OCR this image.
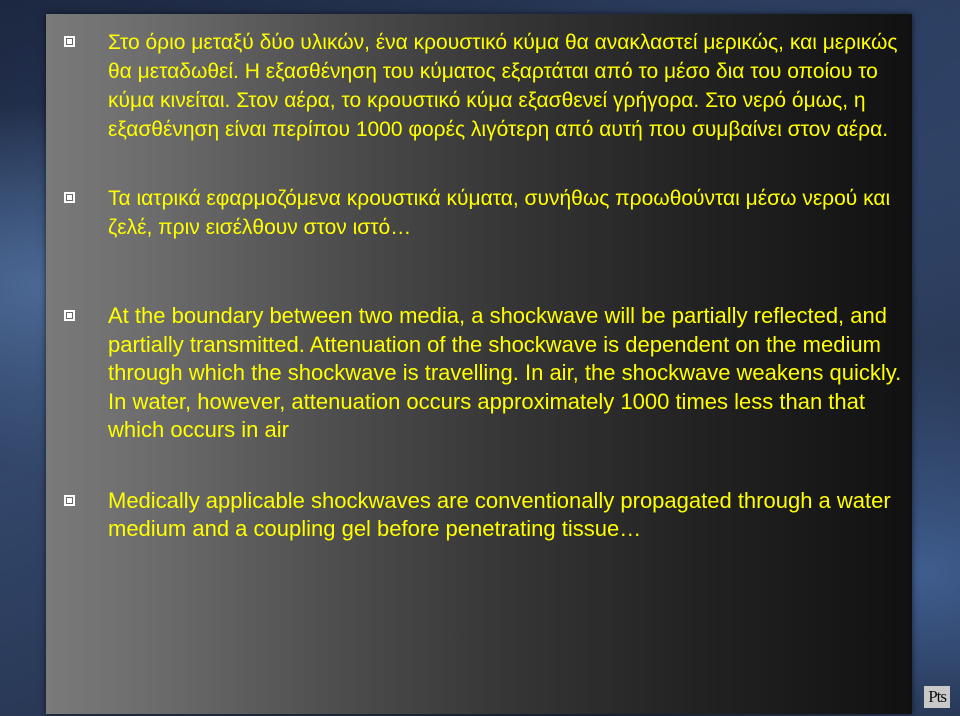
Στο όριο μεταξύ δύο υλικών, ένα κρουστικό κύμα θα ανακλαστεί μερικώς, και μερικώς θα μεταδωθεί. Η εξασθένηση του κύματος εξαρτάται από το μέσο δια του οποίου το κύμα κινείται. Στον αέρα, το κρουστικό κύμα εξασθενεί γρήγορα. Στο νερό όμως, η εξασθένηση είναι περίπου 1000 φορές λιγότερη από αυτή που συμβαίνει στον αέρα.

Τα ιατρικά εφαρμοζόμενα κρουστικά κύματα, συνήθως προωθούνται μέσω νερού και ζελέ, πριν εισέλθουν στον ιστό…

At the boundary between two media, a shockwave will be partially reflected, and partially transmitted. Attenuation of the shockwave is dependent on the medium through which the shockwave is travelling. In air, the shockwave weakens quickly. In water, however, attenuation occurs approximately 1000 times less than that which occurs in air

Medically applicable shockwaves are conventionally propagated through a water medium and a coupling gel before penetrating tissue…

Pts
